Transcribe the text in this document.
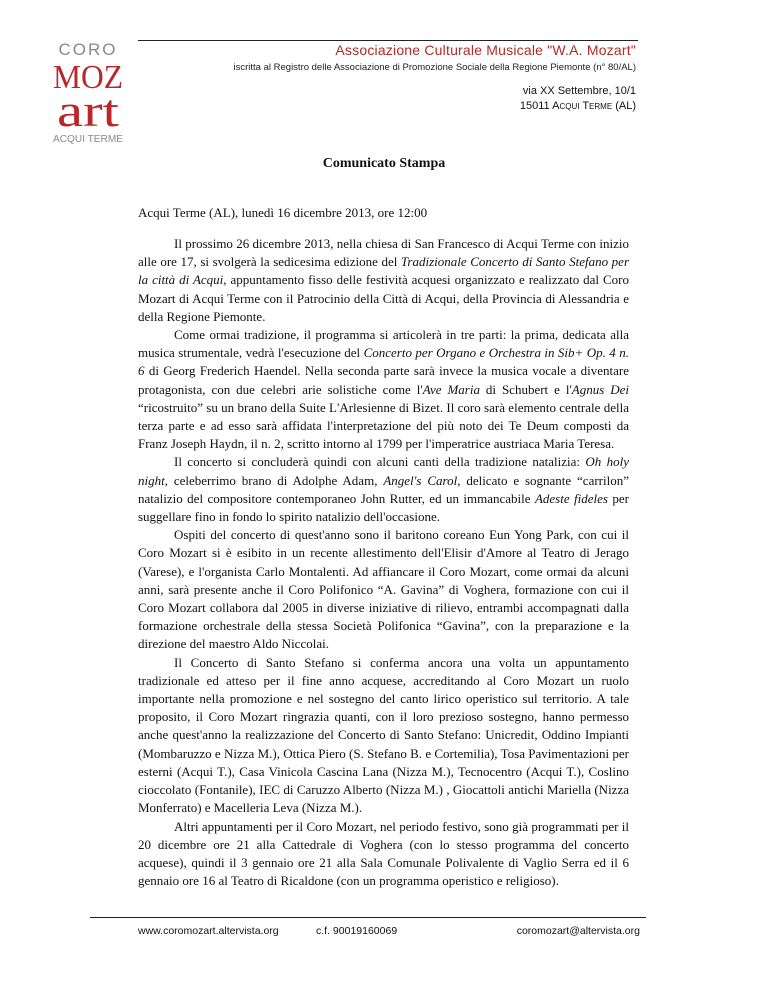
CORO
MOZ
art
ACQUI TERME
Associazione Culturale Musicale "W.A. Mozart"
iscritta al Registro delle Associazione di Promozione Sociale della Regione Piemonte (n° 80/AL)
via XX Settembre, 10/1
15011 Acqui Terme (AL)
Comunicato Stampa
Acqui Terme (AL), lunedì 16 dicembre 2013, ore 12:00

Il prossimo 26 dicembre 2013, nella chiesa di San Francesco di Acqui Terme con inizio alle ore 17, si svolgerà la sedicesima edizione del Tradizionale Concerto di Santo Stefano per la città di Acqui, appuntamento fisso delle festività acquesi organizzato e realizzato dal Coro Mozart di Acqui Terme con il Patrocinio della Città di Acqui, della Provincia di Alessandria e della Regione Piemonte.

Come ormai tradizione, il programma si articolerà in tre parti: la prima, dedicata alla musica strumentale, vedrà l'esecuzione del Concerto per Organo e Orchestra in Sib+ Op. 4 n. 6 di Georg Frederich Haendel. Nella seconda parte sarà invece la musica vocale a diventare protagonista, con due celebri arie solistiche come l'Ave Maria di Schubert e l'Agnus Dei “ricostruito” su un brano della Suite L'Arlesienne di Bizet. Il coro sarà elemento centrale della terza parte e ad esso sarà affidata l'interpretazione del più noto dei Te Deum composti da Franz Joseph Haydn, il n. 2, scritto intorno al 1799 per l'imperatrice austriaca Maria Teresa.

Il concerto si concluderà quindi con alcuni canti della tradizione natalizia: Oh holy night, celeberrimo brano di Adolphe Adam, Angel's Carol, delicato e sognante “carrilon” natalizio del compositore contemporaneo John Rutter, ed un immancabile Adeste fideles per suggellare fino in fondo lo spirito natalizio dell'occasione.

Ospiti del concerto di quest'anno sono il baritono coreano Eun Yong Park, con cui il Coro Mozart si è esibito in un recente allestimento dell'Elisir d'Amore al Teatro di Jerago (Varese), e l'organista Carlo Montalenti. Ad affiancare il Coro Mozart, come ormai da alcuni anni, sarà presente anche il Coro Polifonico “A. Gavina” di Voghera, formazione con cui il Coro Mozart collabora dal 2005 in diverse iniziative di rilievo, entrambi accompagnati dalla formazione orchestrale della stessa Società Polifonica “Gavina”, con la preparazione e la direzione del maestro Aldo Niccolai.

Il Concerto di Santo Stefano si conferma ancora una volta un appuntamento tradizionale ed atteso per il fine anno acquese, accreditando al Coro Mozart un ruolo importante nella promozione e nel sostegno del canto lirico operistico sul territorio. A tale proposito, il Coro Mozart ringrazia quanti, con il loro prezioso sostegno, hanno permesso anche quest'anno la realizzazione del Concerto di Santo Stefano: Unicredit, Oddino Impianti (Mombaruzzo e Nizza M.), Ottica Piero (S. Stefano B. e Cortemilia), Tosa Pavimentazioni per esterni (Acqui T.), Casa Vinicola Cascina Lana (Nizza M.), Tecnocentro (Acqui T.), Coslino cioccolato (Fontanile), IEC di Caruzzo Alberto (Nizza M.) , Giocattoli antichi Mariella (Nizza Monferrato) e Macelleria Leva (Nizza M.).

Altri appuntamenti per il Coro Mozart, nel periodo festivo, sono già programmati per il 20 dicembre ore 21 alla Cattedrale di Voghera (con lo stesso programma del concerto acquese), quindi il 3 gennaio ore 21 alla Sala Comunale Polivalente di Vaglio Serra ed il 6 gennaio ore 16 al Teatro di Ricaldone (con un programma operistico e religioso).

www.coromozart.altervista.org	c.f. 90019160069	coromozart@altervista.org
